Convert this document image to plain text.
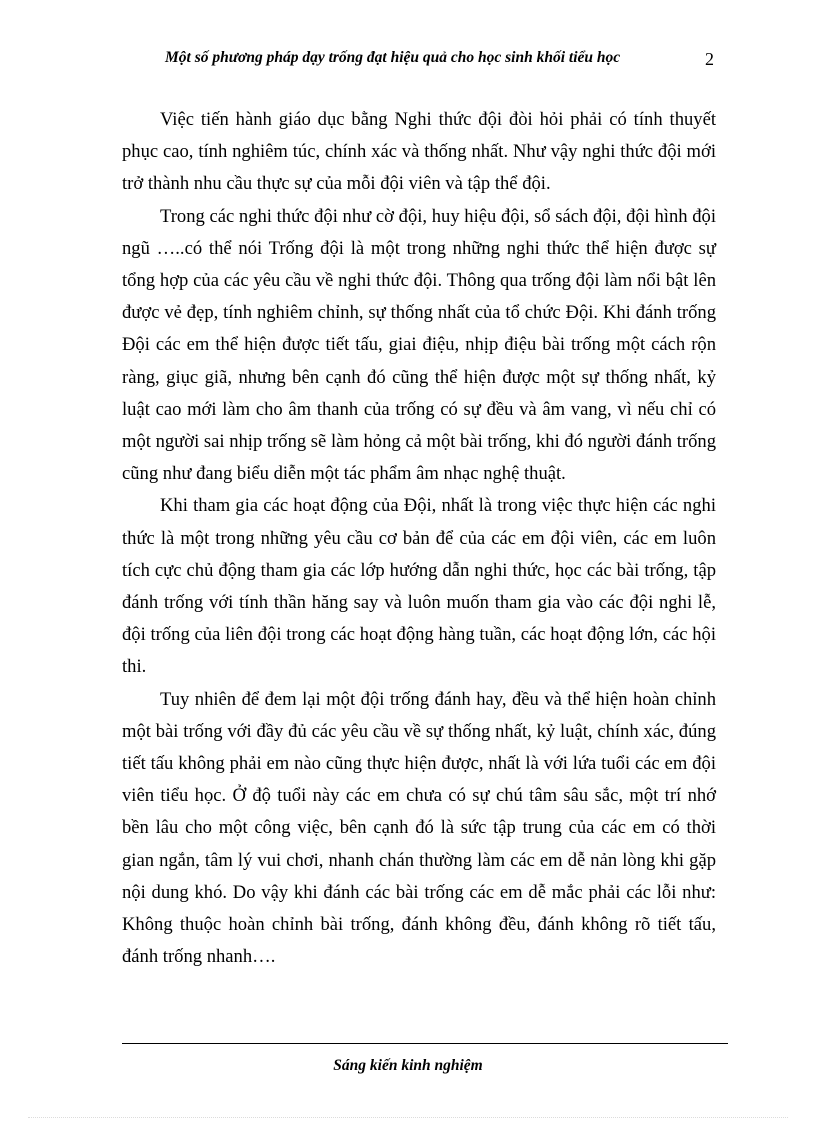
Một số phương pháp dạy trống đạt hiệu quả cho học sinh khối tiểu học	2

Việc tiến hành giáo dục bằng Nghi thức đội đòi hỏi phải có tính thuyết phục cao, tính nghiêm túc, chính xác và thống nhất. Như vậy nghi thức đội mới trở thành nhu cầu thực sự của mỗi đội viên và tập thể đội.

Trong các nghi thức đội như cờ đội, huy hiệu đội, sổ sách đội, đội hình đội ngũ …..có thể nói Trống đội là một trong những nghi thức thể hiện được sự tổng hợp của các yêu cầu về nghi thức đội. Thông qua trống đội làm nổi bật lên được vẻ đẹp, tính nghiêm chỉnh, sự thống nhất của tổ chức Đội. Khi đánh trống Đội các em thể hiện được tiết tấu, giai điệu, nhịp điệu bài trống một cách rộn ràng, giục giã, nhưng bên cạnh đó cũng thể hiện được một sự thống nhất, kỷ luật cao mới làm cho âm thanh của trống có sự đều và âm vang, vì nếu chỉ có một người sai nhịp trống sẽ làm hỏng cả một bài trống, khi đó người đánh trống cũng như đang biểu diễn một tác phẩm âm nhạc nghệ thuật.

Khi tham gia các hoạt động của Đội, nhất là trong việc thực hiện các nghi thức là một trong những yêu cầu cơ bản để của các em đội viên, các em luôn tích cực chủ động tham gia các lớp hướng dẫn nghi thức, học các bài trống, tập đánh trống với tính thần hăng say và luôn muốn tham gia vào các đội nghi lễ, đội trống của liên đội trong các hoạt động hàng tuần, các hoạt động lớn, các hội thi.

Tuy nhiên để đem lại một đội trống đánh hay, đều và thể hiện hoàn chỉnh một bài trống với đầy đủ các yêu cầu về sự thống nhất, kỷ luật, chính xác, đúng tiết tấu không phải em nào cũng thực hiện được, nhất là với lứa tuổi các em đội viên tiểu học. Ở độ tuổi này các em chưa có sự chú tâm sâu sắc, một trí nhớ bền lâu cho một công việc, bên cạnh đó là sức tập trung của các em có thời gian ngắn, tâm lý vui chơi, nhanh chán thường làm các em dễ nản lòng khi gặp nội dung khó. Do vậy khi đánh các bài trống các em dễ mắc phải các lỗi như: Không thuộc hoàn chỉnh bài trống, đánh không đều, đánh không rõ tiết tấu, đánh trống nhanh….

Sáng kiến kinh nghiệm
